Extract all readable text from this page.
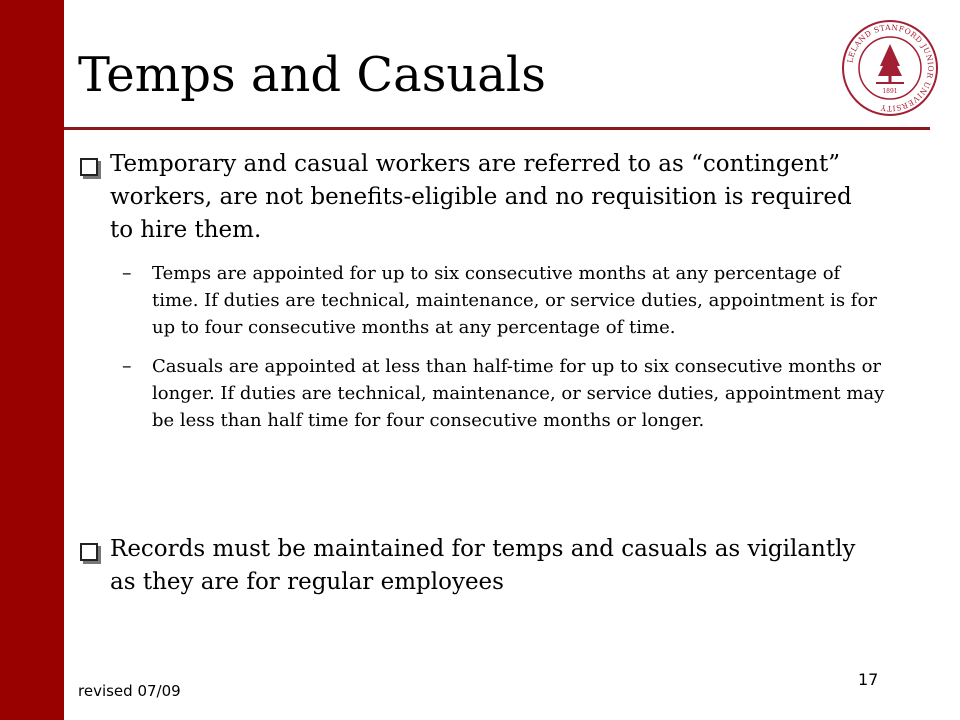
Temps and Casuals	LELAND STANFORD JUNIOR UNIVERSITY
1891
Temporary and casual workers are referred to as “contingent” workers, are not benefits-eligible and no requisition is required to hire them.
–	Temps are appointed for up to six consecutive months at any percentage of time. If duties are technical, maintenance, or service duties, appointment is for up to four consecutive months at any percentage of time.
–	Casuals are appointed at less than half-time for up to six consecutive months or longer. If duties are technical, maintenance, or service duties, appointment may be less than half time for four consecutive months or longer.
Records must be maintained for temps and casuals as vigilantly as they are for regular employees
revised 07/09
17
